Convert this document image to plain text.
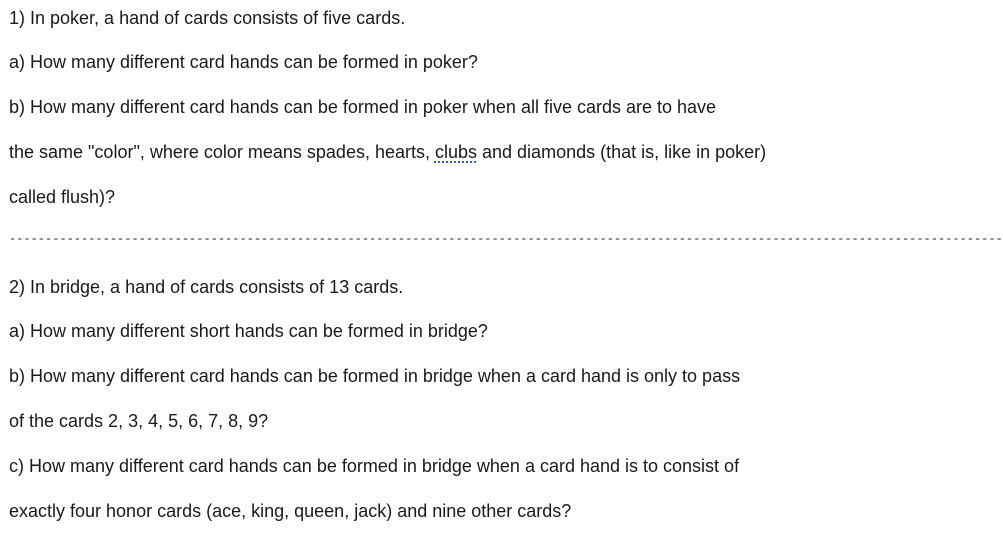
1) In poker, a hand of cards consists of five cards.
a) How many different card hands can be formed in poker?
b) How many different card hands can be formed in poker when all five cards are to have
the same "color", where color means spades, hearts, clubs and diamonds (that is, like in poker)
called flush)?
------------------------------------------------------------------------------------------------------------------------------------------
2) In bridge, a hand of cards consists of 13 cards.
a) How many different short hands can be formed in bridge?
b) How many different card hands can be formed in bridge when a card hand is only to pass
of the cards 2, 3, 4, 5, 6, 7, 8, 9?
c) How many different card hands can be formed in bridge when a card hand is to consist of
exactly four honor cards (ace, king, queen, jack) and nine other cards?
